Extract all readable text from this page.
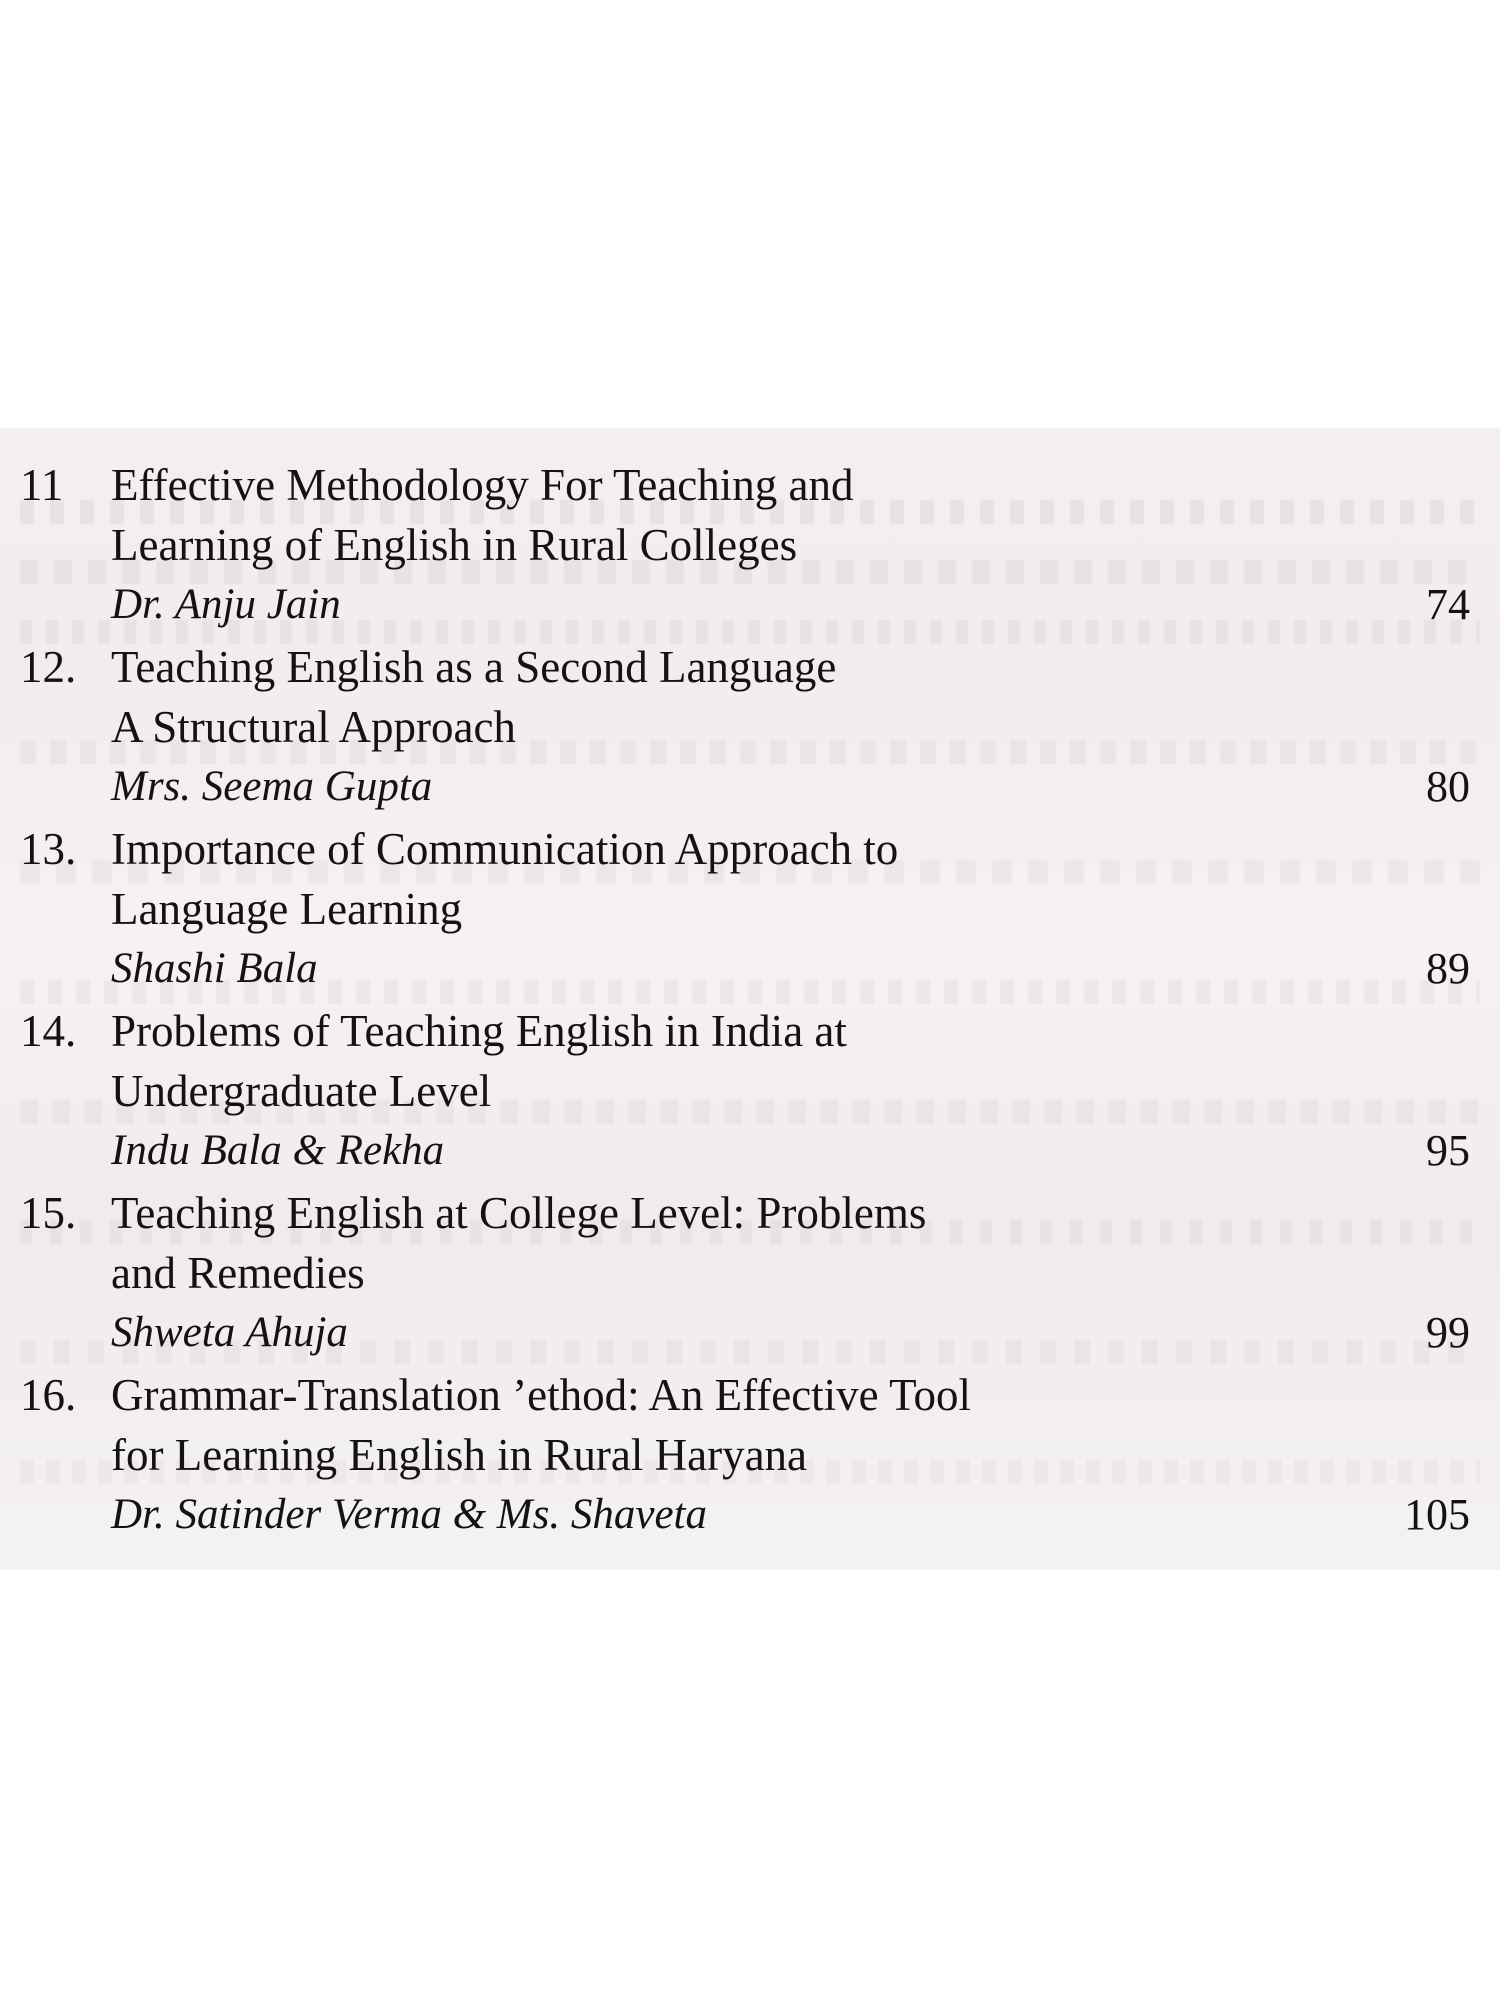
11 Effective Methodology For Teaching and
Learning of English in Rural Colleges
Dr. Anju Jain	74
12. Teaching English as a Second Language
A Structural Approach
Mrs. Seema Gupta	80
13. Importance of Communication Approach to
Language Learning
Shashi Bala	89
14. Problems of Teaching English in India at
Undergraduate Level
Indu Bala & Rekha	95
15. Teaching English at College Level: Problems
and Remedies
Shweta Ahuja	99
16. Grammar-Translation ’ethod: An Effective Tool
for Learning English in Rural Haryana
Dr. Satinder Verma & Ms. Shaveta	105
